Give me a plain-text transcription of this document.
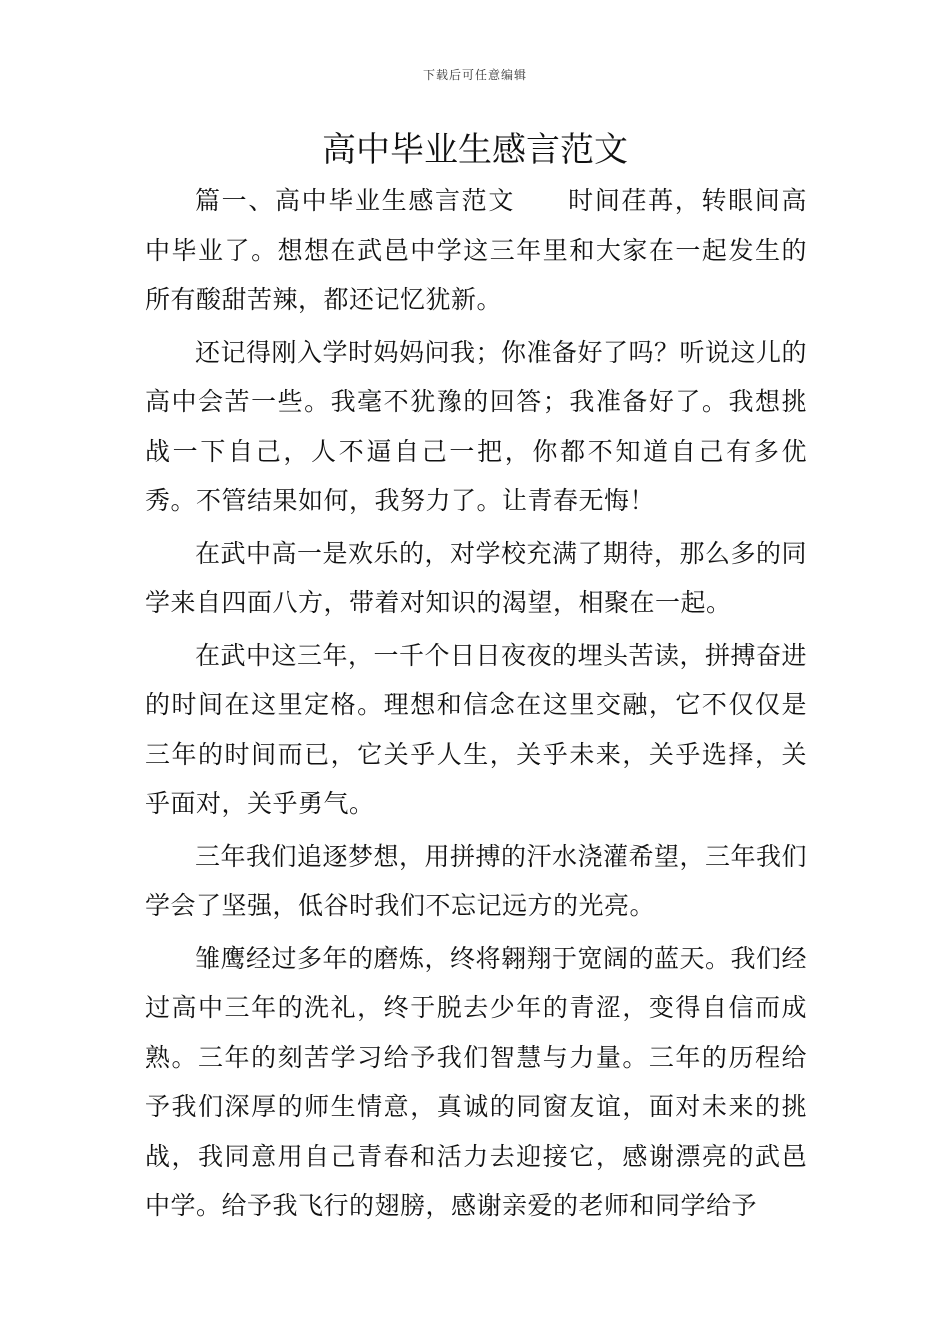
下载后可任意编辑
高中毕业生感言范文

篇一、高中毕业生感言范文 时间荏苒，转眼间高中毕业了。想想在武邑中学这三年里和大家在一起发生的所有酸甜苦辣，都还记忆犹新。

还记得刚入学时妈妈问我；你准备好了吗？听说这儿的高中会苦一些。我毫不犹豫的回答；我准备好了。我想挑战一下自己，人不逼自己一把，你都不知道自己有多优秀。不管结果如何，我努力了。让青春无悔！

在武中高一是欢乐的，对学校充满了期待，那么多的同学来自四面八方，带着对知识的渴望，相聚在一起。

在武中这三年，一千个日日夜夜的埋头苦读，拼搏奋进的时间在这里定格。理想和信念在这里交融，它不仅仅是三年的时间而已，它关乎人生，关乎未来，关乎选择，关乎面对，关乎勇气。

三年我们追逐梦想，用拼搏的汗水浇灌希望，三年我们学会了坚强，低谷时我们不忘记远方的光亮。

雏鹰经过多年的磨炼，终将翱翔于宽阔的蓝天。我们经过高中三年的洗礼，终于脱去少年的青涩，变得自信而成熟。三年的刻苦学习给予我们智慧与力量。三年的历程给予我们深厚的师生情意，真诚的同窗友谊，面对未来的挑战，我同意用自己青春和活力去迎接它，感谢漂亮的武邑中学。给予我飞行的翅膀，感谢亲爱的老师和同学给予
